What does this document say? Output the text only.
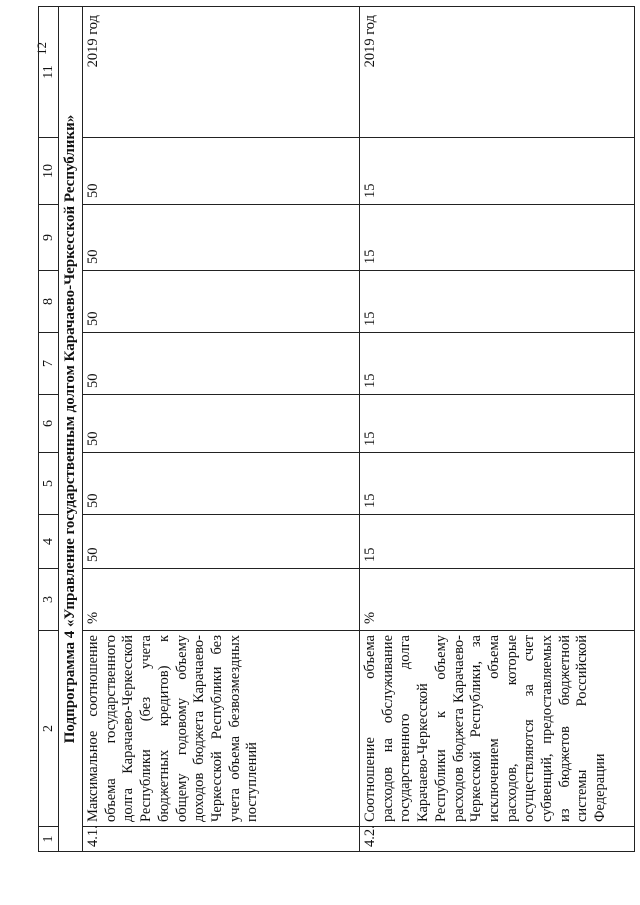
12
1	2	3	4	5	6	7	8	9	10	11
Подпрограмма 4 «Управление государственным долгом Карачаево-Черкесской Республики»										
4.1.	Максимальное соотношение объема государственного долга Карачаево-Черкесской Республики (без учета бюджетных кредитов) к общему годовому объему доходов бюджета Карачаево-Черкесской Республики без учета объема безвозмездных поступлений	%	50	50	50	50	50	50	50	2019 год
4.2.	Соотношение объема расходов на обслуживание государственного долга Карачаево-Черкесской Республики к объему расходов бюджета Карачаево-Черкесской Республики, за исключением объема расходов, которые осуществляются за счет субвенций, предоставляемых из бюджетов бюджетной системы Российской Федерации	%	15	15	15	15	15	15	15	2019 год
